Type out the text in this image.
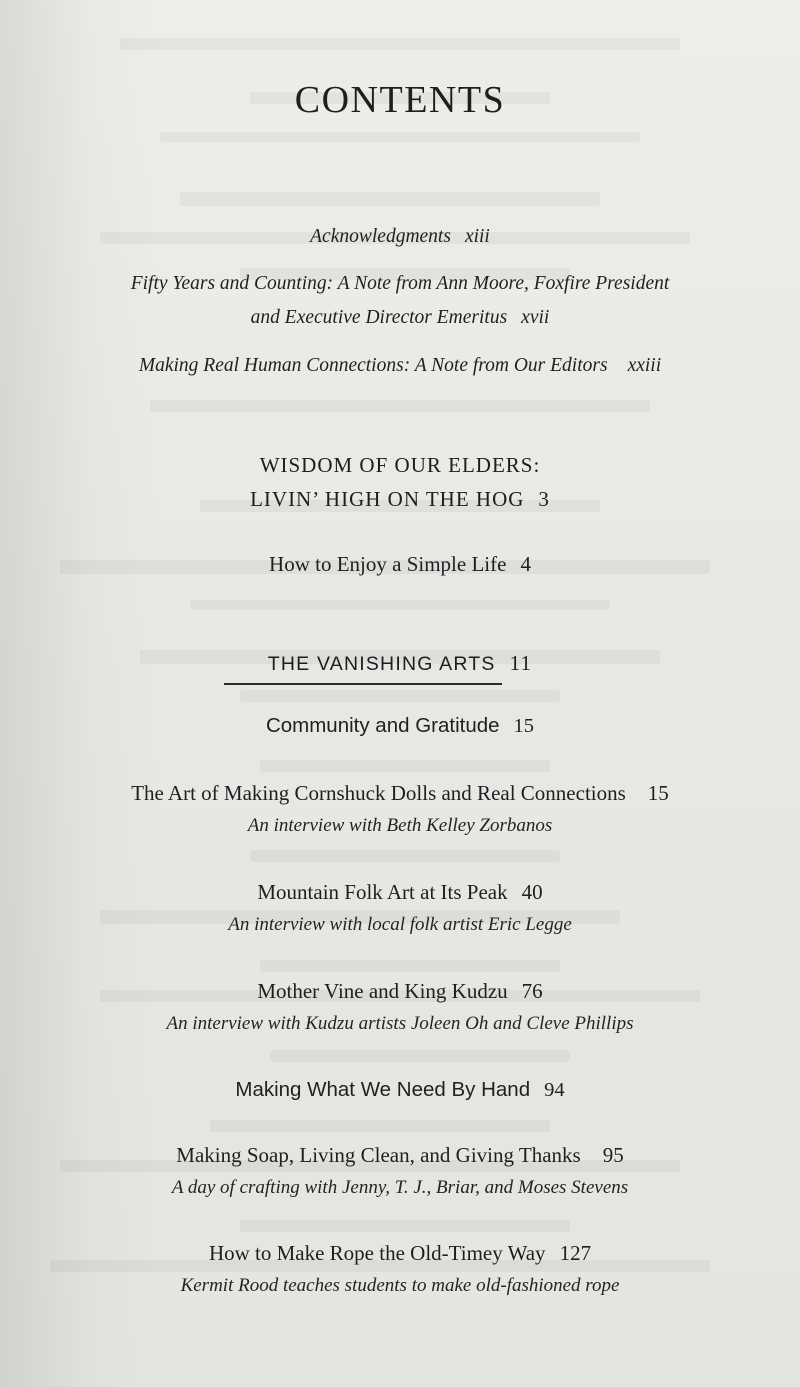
CONTENTS
Acknowledgments xiii
Fifty Years and Counting: A Note from Ann Moore, Foxfire President
and Executive Director Emeritus xvii
Making Real Human Connections: A Note from Our Editors xxiii
WISDOM OF OUR ELDERS:
LIVIN’ HIGH ON THE HOG 3
How to Enjoy a Simple Life 4
THE VANISHING ARTS 11
Community and Gratitude 15
The Art of Making Cornshuck Dolls and Real Connections 15
An interview with Beth Kelley Zorbanos
Mountain Folk Art at Its Peak 40
An interview with local folk artist Eric Legge
Mother Vine and King Kudzu 76
An interview with Kudzu artists Joleen Oh and Cleve Phillips
Making What We Need By Hand 94
Making Soap, Living Clean, and Giving Thanks 95
A day of crafting with Jenny, T. J., Briar, and Moses Stevens
How to Make Rope the Old-Timey Way 127
Kermit Rood teaches students to make old-fashioned rope
